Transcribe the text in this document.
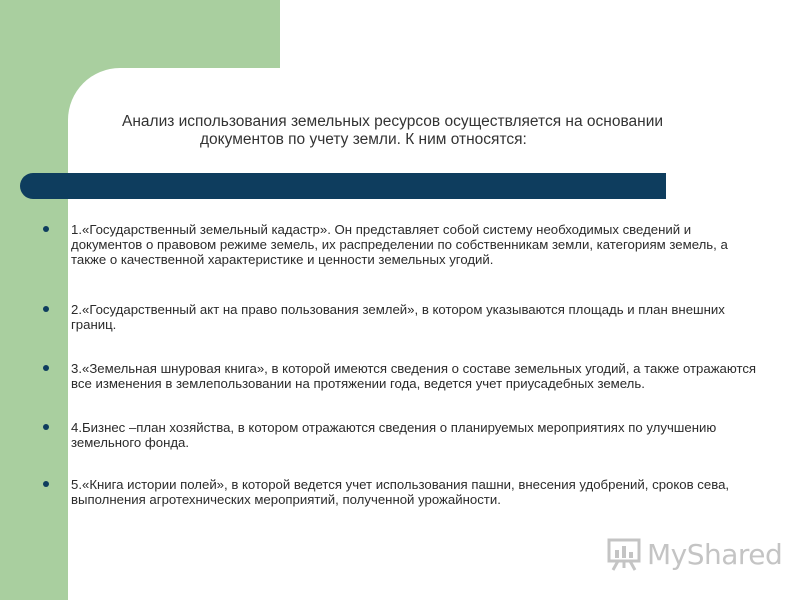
Анализ использования земельных ресурсов осуществляется на основании
документов по учету земли. К ним относятся:
1.«Государственный земельный кадастр». Он представляет собой систему необходимых сведений и документов о правовом режиме земель, их распределении по собственникам земли, категориям земель, а также о качественной характеристике и ценности земельных угодий.
2.«Государственный акт на право пользования землей», в котором указываются площадь и план внешних границ.
3.«Земельная шнуровая книга», в которой имеются сведения о составе земельных угодий, а также отражаются все изменения в землепользовании на протяжении года, ведется учет приусадебных земель.
4.Бизнес –план хозяйства, в котором отражаются сведения о планируемых мероприятиях по улучшению земельного фонда.
5.«Книга истории полей», в которой ведется учет использования пашни, внесения удобрений, сроков сева, выполнения агротехнических мероприятий, полученной урожайности.
MyShared
